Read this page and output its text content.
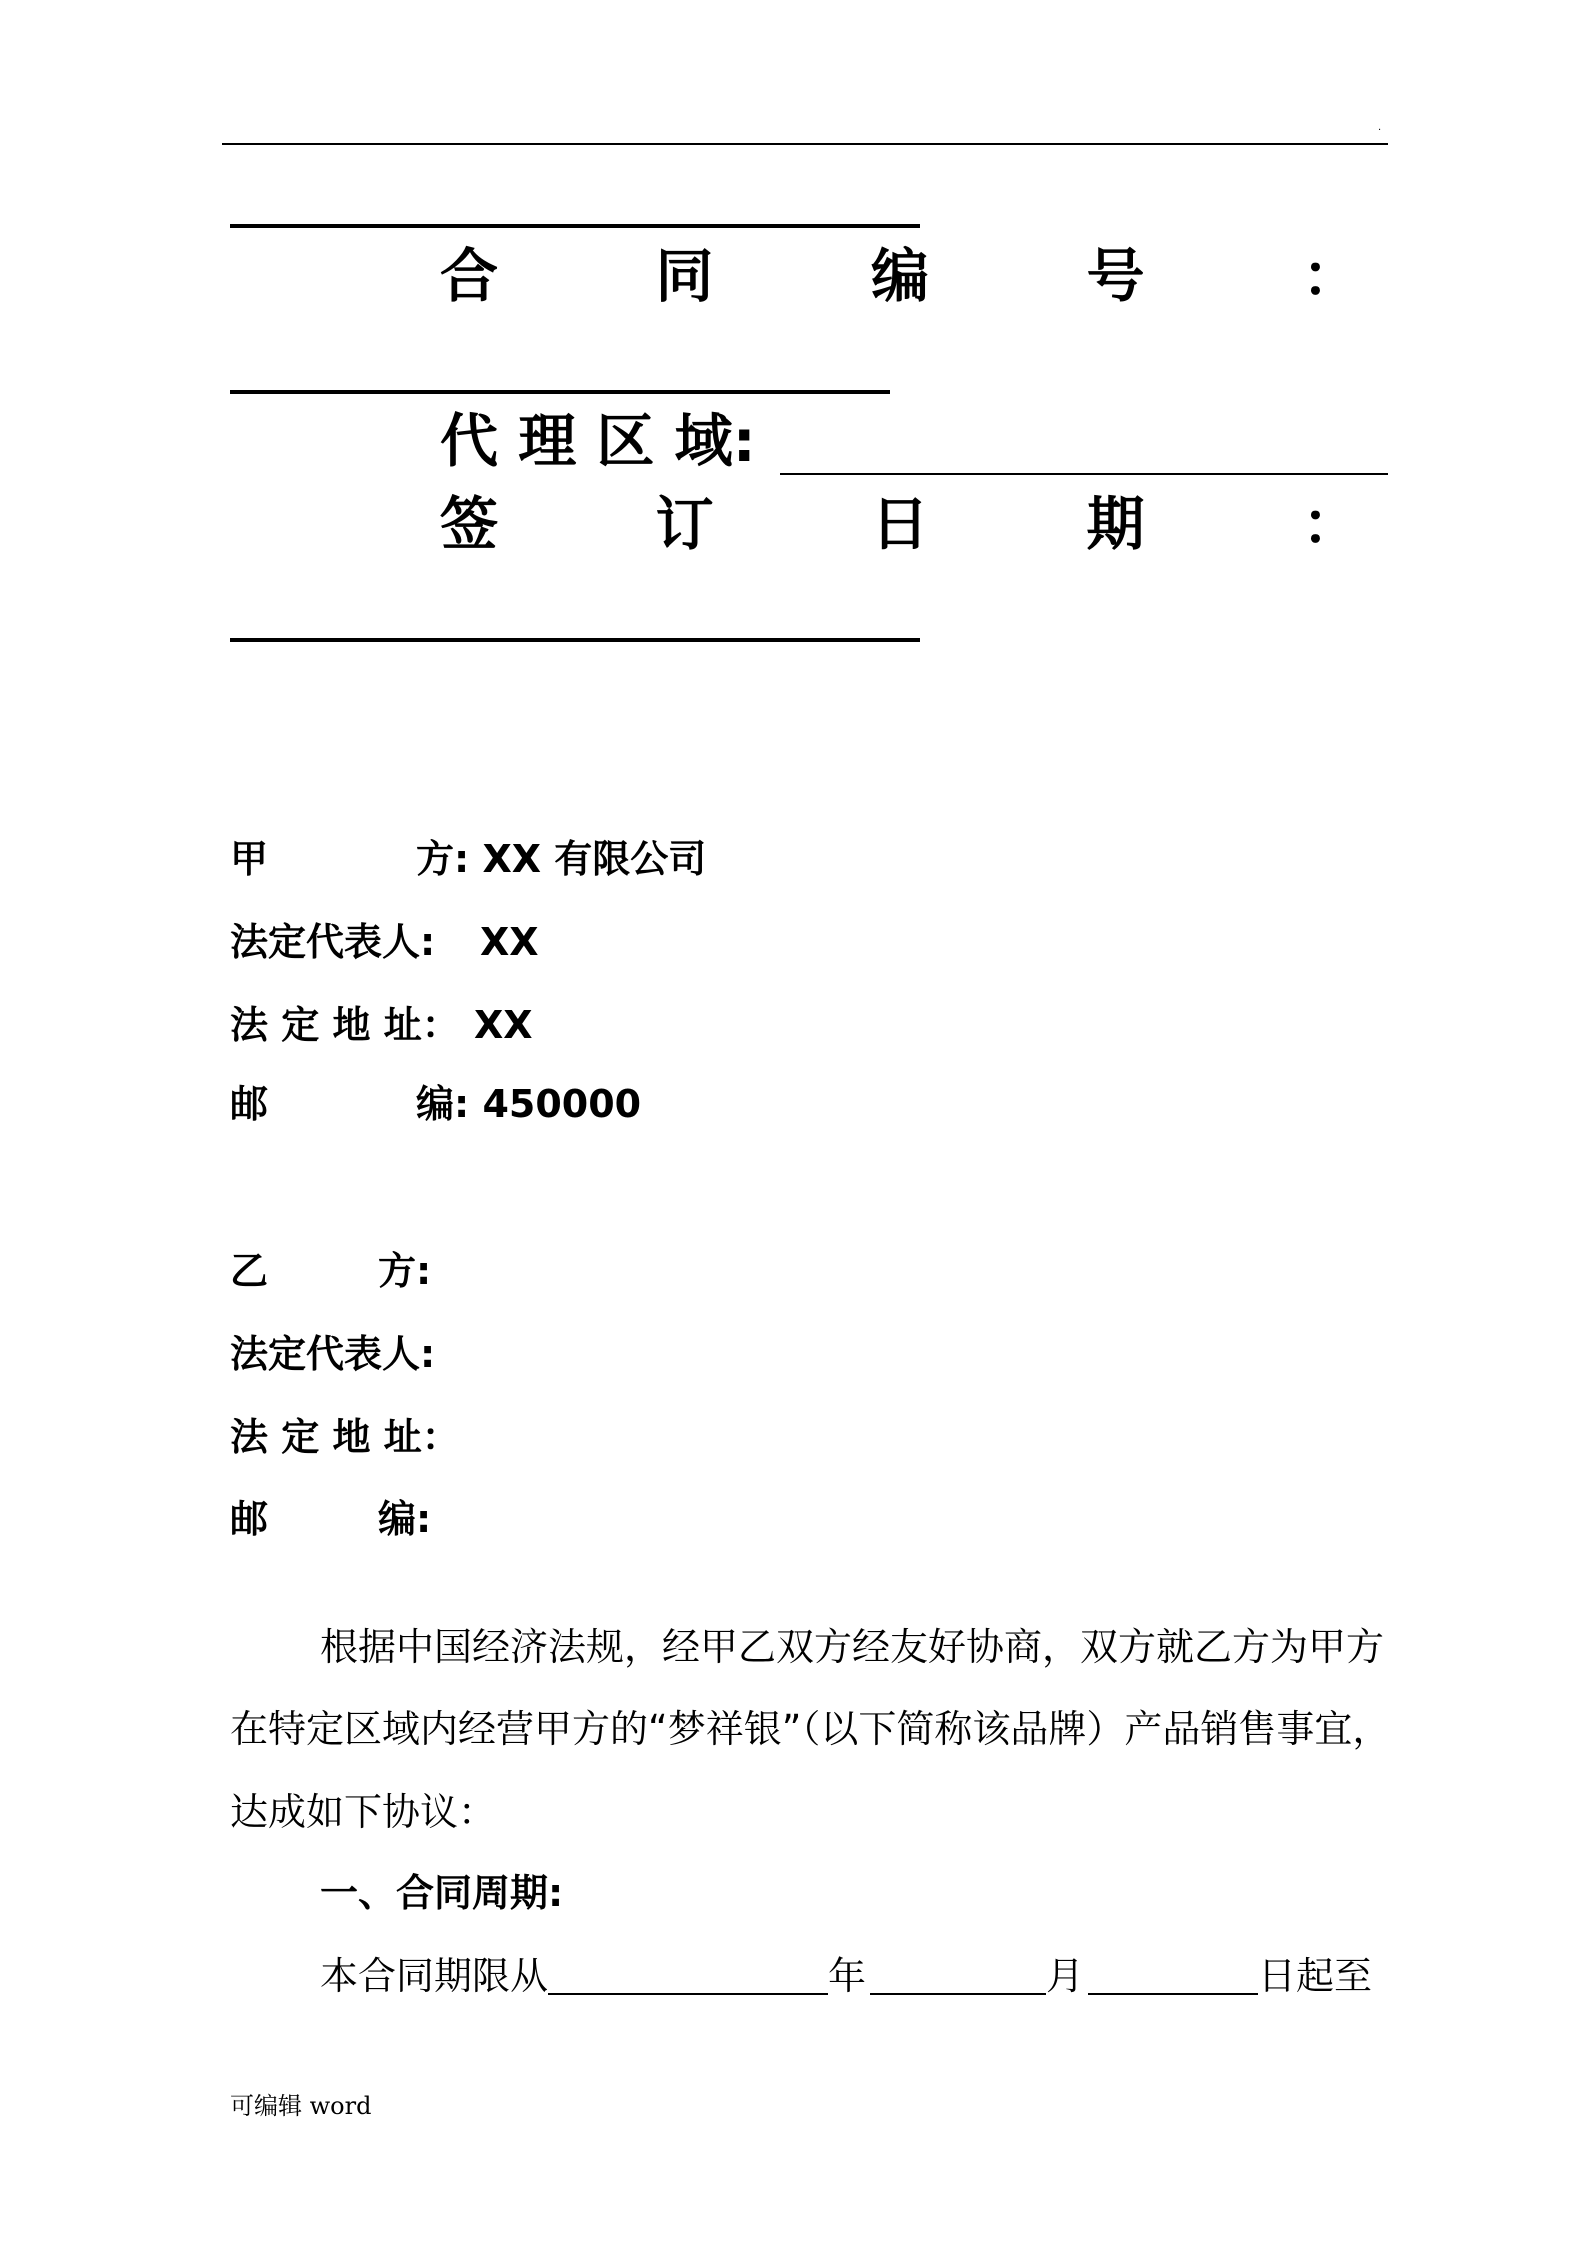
.
合	同	编	号	：
代 理 区 域:
签	订	日	期	：
甲	方: XX 有限公司
法定代表人: XX
法 定 地 址： XX
邮	编: 450000
乙	方:
法定代表人:
法 定 地 址：
邮	编:
根据中国经济法规，经甲乙双方经友好协商，双方就乙方为甲方
在特定区域内经营甲方的“梦祥银”（以下简称该品牌）产品销售事宜，
达成如下协议：
一、合同周期:
本合同期限从	年	月	日起至
可编辑 word
